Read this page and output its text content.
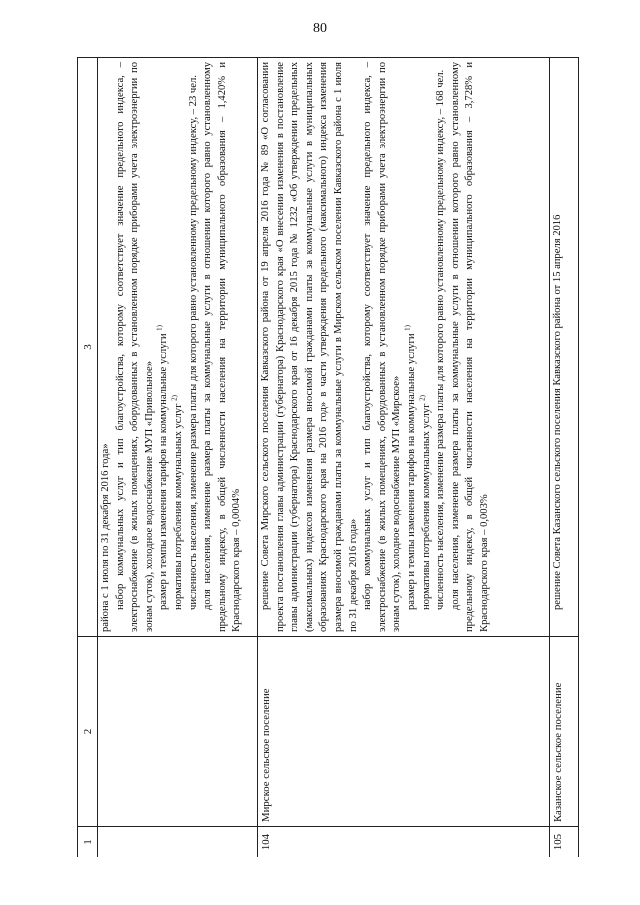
80
1
2
3

района с 1 июля по 31 декабря 2016 года» набор коммунальных услуг и тип благоустройства, которому соответствует значение предельного индекса, – электроснабжение (в жилых помещениях, оборудованных в установленном порядке приборами учета электроэнергии по зонам суток), холодное водоснабжение МУП «Привольное» размер и темпы изменения тарифов на коммунальные услуги $^{1)}$

нормативы потребления коммунальных услуг $^{2)}$ численность населения, изменение размера платы для которого равно установленному предельному индексу, – 23 чел. доля населения, изменение размера платы за коммунальные услуги в отношении которого равно установленному предельному индексу, в общей численности населения на территории муниципального образования – 1,420% и Краснодарского края – 0,0004%

104
Мирское сельское поселение

решение Совета Мирского сельского поселения Кавказского района от 19 апреля 2016 года № 89 «О согласовании проекта постановления главы администрации (губернатора) Краснодарского края «О внесении изменения в постановление главы администрации (губернатора) Краснодарского края от 16 декабря 2015 года № 1232 «Об утверждении предельных (максимальных) индексов изменения размера вносимой гражданами платы за коммунальные услуги в муниципальных образованиях Краснодарского края на 2016 год» в части утверждения предельного (максимального) индекса изменения размера вносимой гражданами платы за коммунальные услуги в Мирском сельском поселении Кавказского района с 1 июля по 31 декабря 2016 года» набор коммунальных услуг и тип благоустройства, которому соответствует значение предельного индекса, – электроснабжение (в жилых помещениях, оборудованных в установленном порядке приборами учета электроэнергии по зонам суток), холодное водоснабжение МУП «Мирское» размер и темпы изменения тарифов на коммунальные услуги $^{1)}$

нормативы потребления коммунальных услуг $^{2)}$ численность населения, изменение размера платы для которого равно установленному предельному индексу, – 168 чел. доля населения, изменение размера платы за коммунальные услуги в отношении которого равно установленному предельному индексу, в общей численности населения на территории муниципального образования – 3,728% и Краснодарского края – 0,003%

105
Казанское сельское поселение

решение Совета Казанского сельского поселения Кавказского района от 15 апреля 2016
